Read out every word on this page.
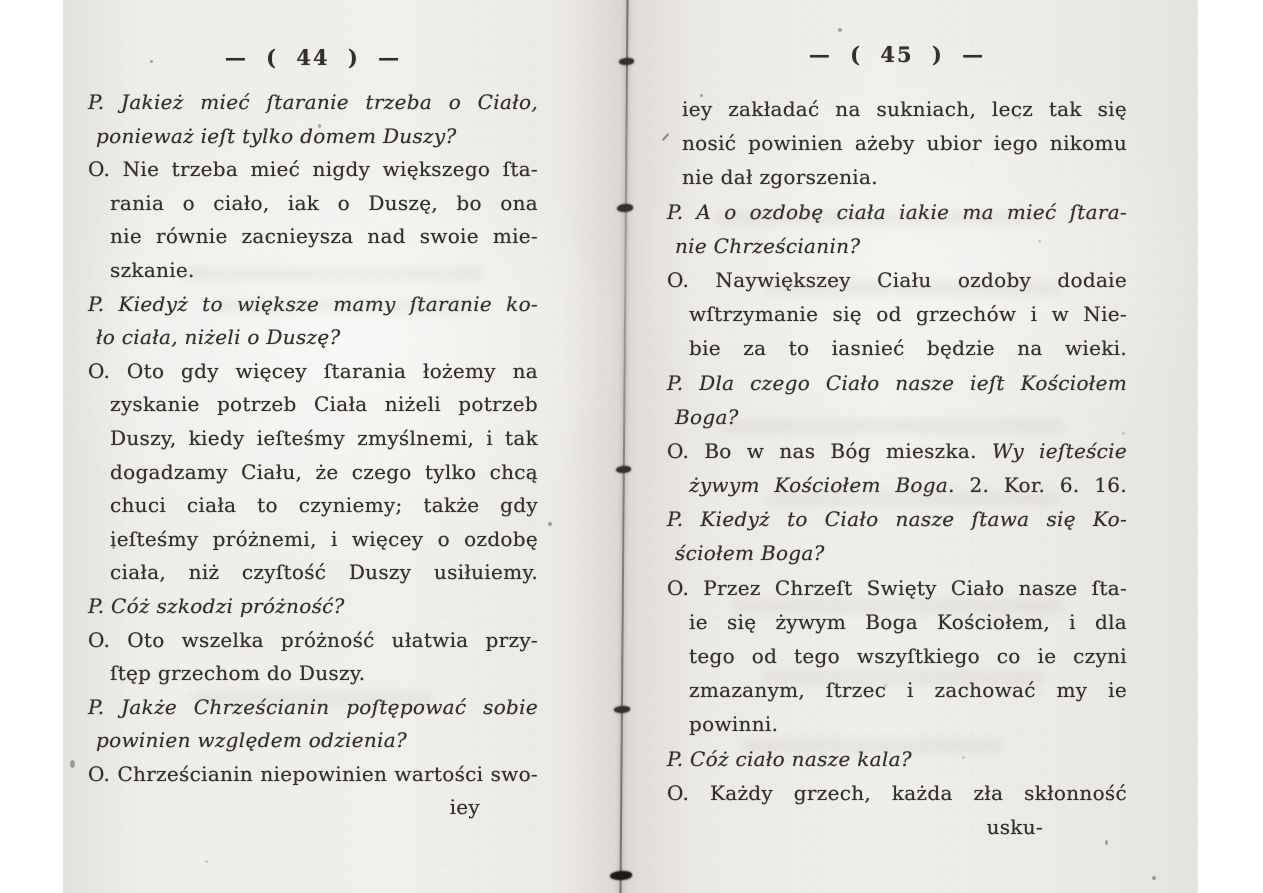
— ( 44 ) —
P. Jakież mieć ſtaranie trzeba o Ciało,
ponieważ ieſt tylko domem Duszy?
O. Nie trzeba mieć nigdy większego ſta-
rania o ciało, iak o Duszę, bo ona
nie równie zacnieysza nad swoie mie-
szkanie.
P. Kiedyż to większe mamy ſtaranie ko-
ło ciała, niżeli o Duszę?
O. Oto gdy więcey ſtarania łożemy na
zyskanie potrzeb Ciała niżeli potrzeb
Duszy, kiedy ieſteśmy zmyślnemi, i tak
dogadzamy Ciału, że czego tylko chcą
chuci ciała to czyniemy; także gdy
ieſteśmy próżnemi, i więcey o ozdobę
ciała, niż czyſtość Duszy usiłuiemy.
P. Cóż szkodzi próżność?
O. Oto wszelka próżność ułatwia przy-
ſtęp grzechom do Duszy.
P. Jakże Chrześcianin poſtępować sobie
powinien względem odzienia?
O. Chrześcianin niepowinien wartości swo-
iey
— ( 45 ) —
iey zakładać na sukniach, lecz tak się
nosić powinien ażeby ubior iego nikomu
nie dał zgorszenia.
P. A o ozdobę ciała iakie ma mieć ſtara-
nie Chrześcianin?
O. Naywiększey Ciału ozdoby dodaie
wſtrzymanie się od grzechów i w Nie-
bie za to iasnieć będzie na wieki.
P. Dla czego Ciało nasze ieſt Kościołem
Boga?
O. Bo w nas Bóg mieszka. Wy ieſteście
żywym Kościołem Boga. 2. Kor. 6. 16.
P. Kiedyż to Ciało nasze ſtawa się Ko-
ściołem Boga?
O. Przez Chrzeſt Swięty Ciało nasze ſta-
ie się żywym Boga Kościołem, i dla
tego od tego wszyſtkiego co ie czyni
zmazanym, ſtrzec i zachować my ie
powinni.
P. Cóż ciało nasze kala?
O. Każdy grzech, każda zła skłonność
usku-
